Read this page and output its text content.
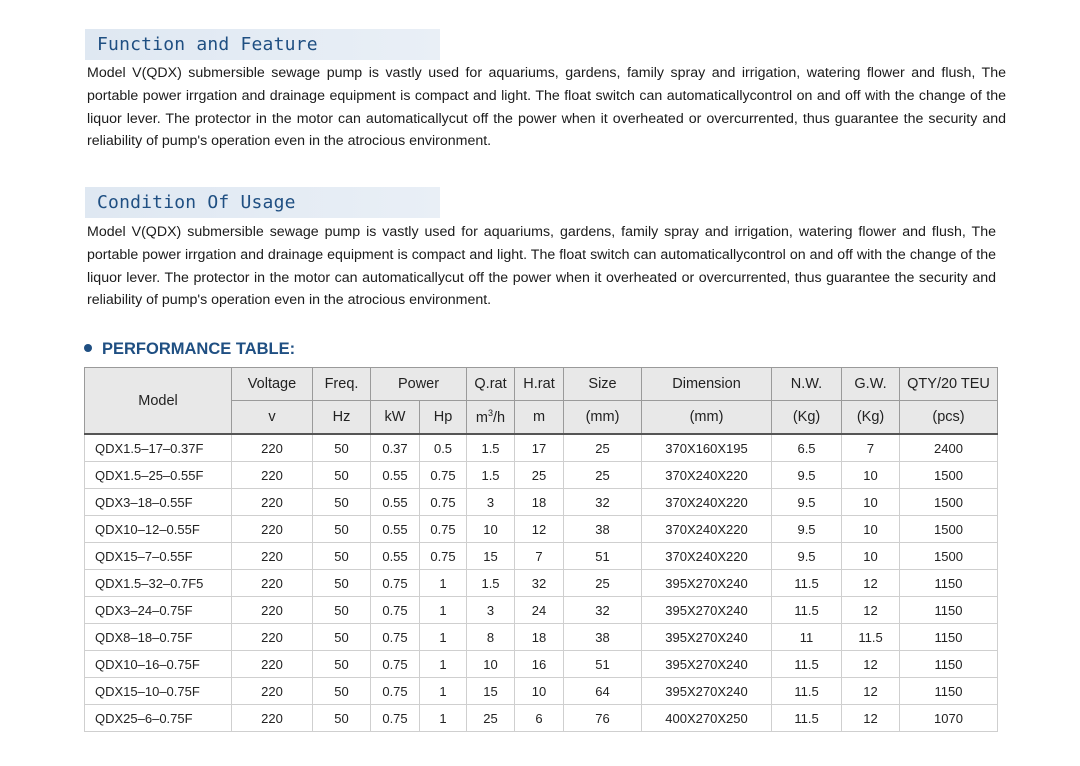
Function and Feature
Model V(QDX) submersible sewage pump is vastly used for aquariums, gardens, family spray and irrigation, watering flower and flush, The portable power irrgation and drainage equipment is compact and light. The float switch can automaticallycontrol on and off with the change of the liquor lever. The protector in the motor can automaticallycut off the power when it overheated or overcurrented, thus guarantee the security and reliability of pump's operation even in the atrocious environment.
Condition Of Usage
Model V(QDX) submersible sewage pump is vastly used for aquariums, gardens, family spray and irrigation, watering flower and flush, The portable power irrgation and drainage equipment is compact and light. The float switch can automaticallycontrol on and off with the change of the liquor lever. The protector in the motor can automaticallycut off the power when it overheated or overcurrented, thus guarantee the security and reliability of pump's operation even in the atrocious environment.
PERFORMANCE TABLE:
Model	Voltage	Freq.	Power		Q.rat	H.rat	Size	Dimension	N.W.	G.W.	QTY/20 TEU
	v	Hz	kW	Hp	$m^3/h$	m	(mm)	(mm)	(Kg)	(Kg)	(pcs)
QDX1.5–17–0.37F	220	50	0.37	0.5	1.5	17	25	370X160X195	6.5	7	2400
QDX1.5–25–0.55F	220	50	0.55	0.75	1.5	25	25	370X240X220	9.5	10	1500
QDX3–18–0.55F	220	50	0.55	0.75	3	18	32	370X240X220	9.5	10	1500
QDX10–12–0.55F	220	50	0.55	0.75	10	12	38	370X240X220	9.5	10	1500
QDX15–7–0.55F	220	50	0.55	0.75	15	7	51	370X240X220	9.5	10	1500
QDX1.5–32–0.7F5	220	50	0.75	1	1.5	32	25	395X270X240	11.5	12	1150
QDX3–24–0.75F	220	50	0.75	1	3	24	32	395X270X240	11.5	12	1150
QDX8–18–0.75F	220	50	0.75	1	8	18	38	395X270X240	11	11.5	1150
QDX10–16–0.75F	220	50	0.75	1	10	16	51	395X270X240	11.5	12	1150
QDX15–10–0.75F	220	50	0.75	1	15	10	64	395X270X240	11.5	12	1150
QDX25–6–0.75F	220	50	0.75	1	25	6	76	400X270X250	11.5	12	1070
